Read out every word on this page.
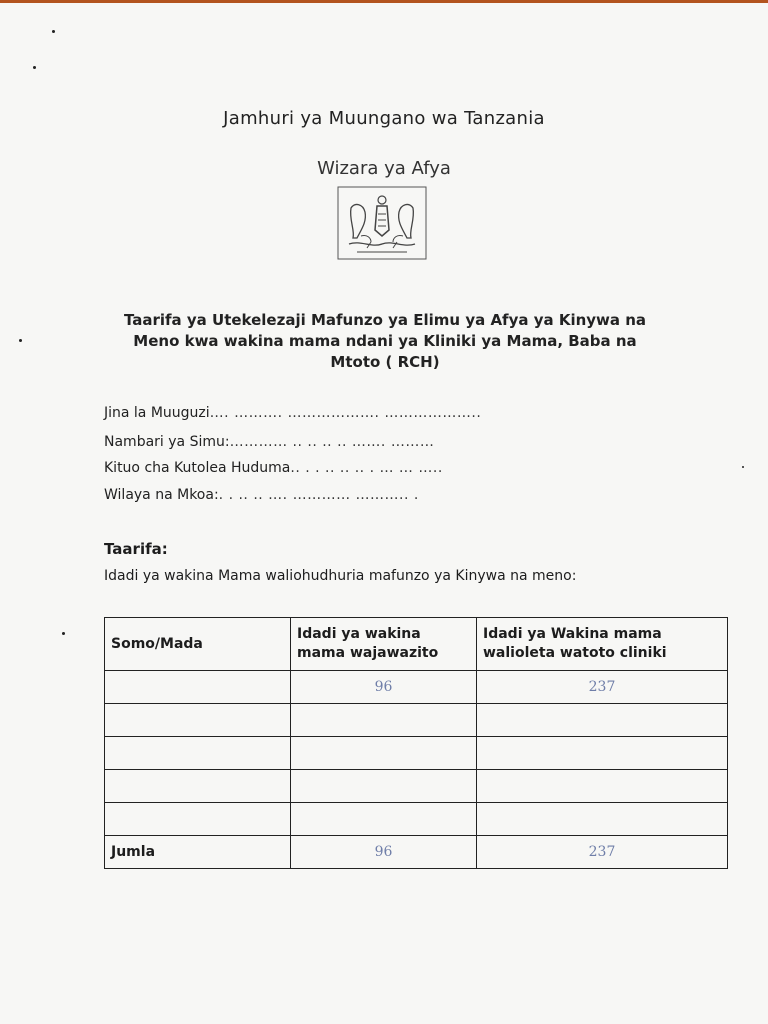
Jamhuri ya Muungano wa Tanzania
Wizara ya Afya
Taarifa ya Utekelezaji Mafunzo ya Elimu ya Afya ya Kinywa na
Meno kwa wakina mama ndani ya Kliniki ya Mama, Baba na
Mtoto ( RCH)
Jina la Muuguzi…. ………. ………………. ………………..
Nambari ya Simu:………… .. .. .. .. ……. ………
Kituo cha Kutolea Huduma.. . . .. .. .. . … … …..
Wilaya na Mkoa:. . .. .. …. ………… ……….. .
Taarifa:
Idadi ya wakina Mama waliohudhuria mafunzo ya Kinywa na meno:
Somo/Mada	Idadi ya wakina mama wajawazito	Idadi ya Wakina mama walioleta watoto cliniki
	96	237

Jumla	96	237
